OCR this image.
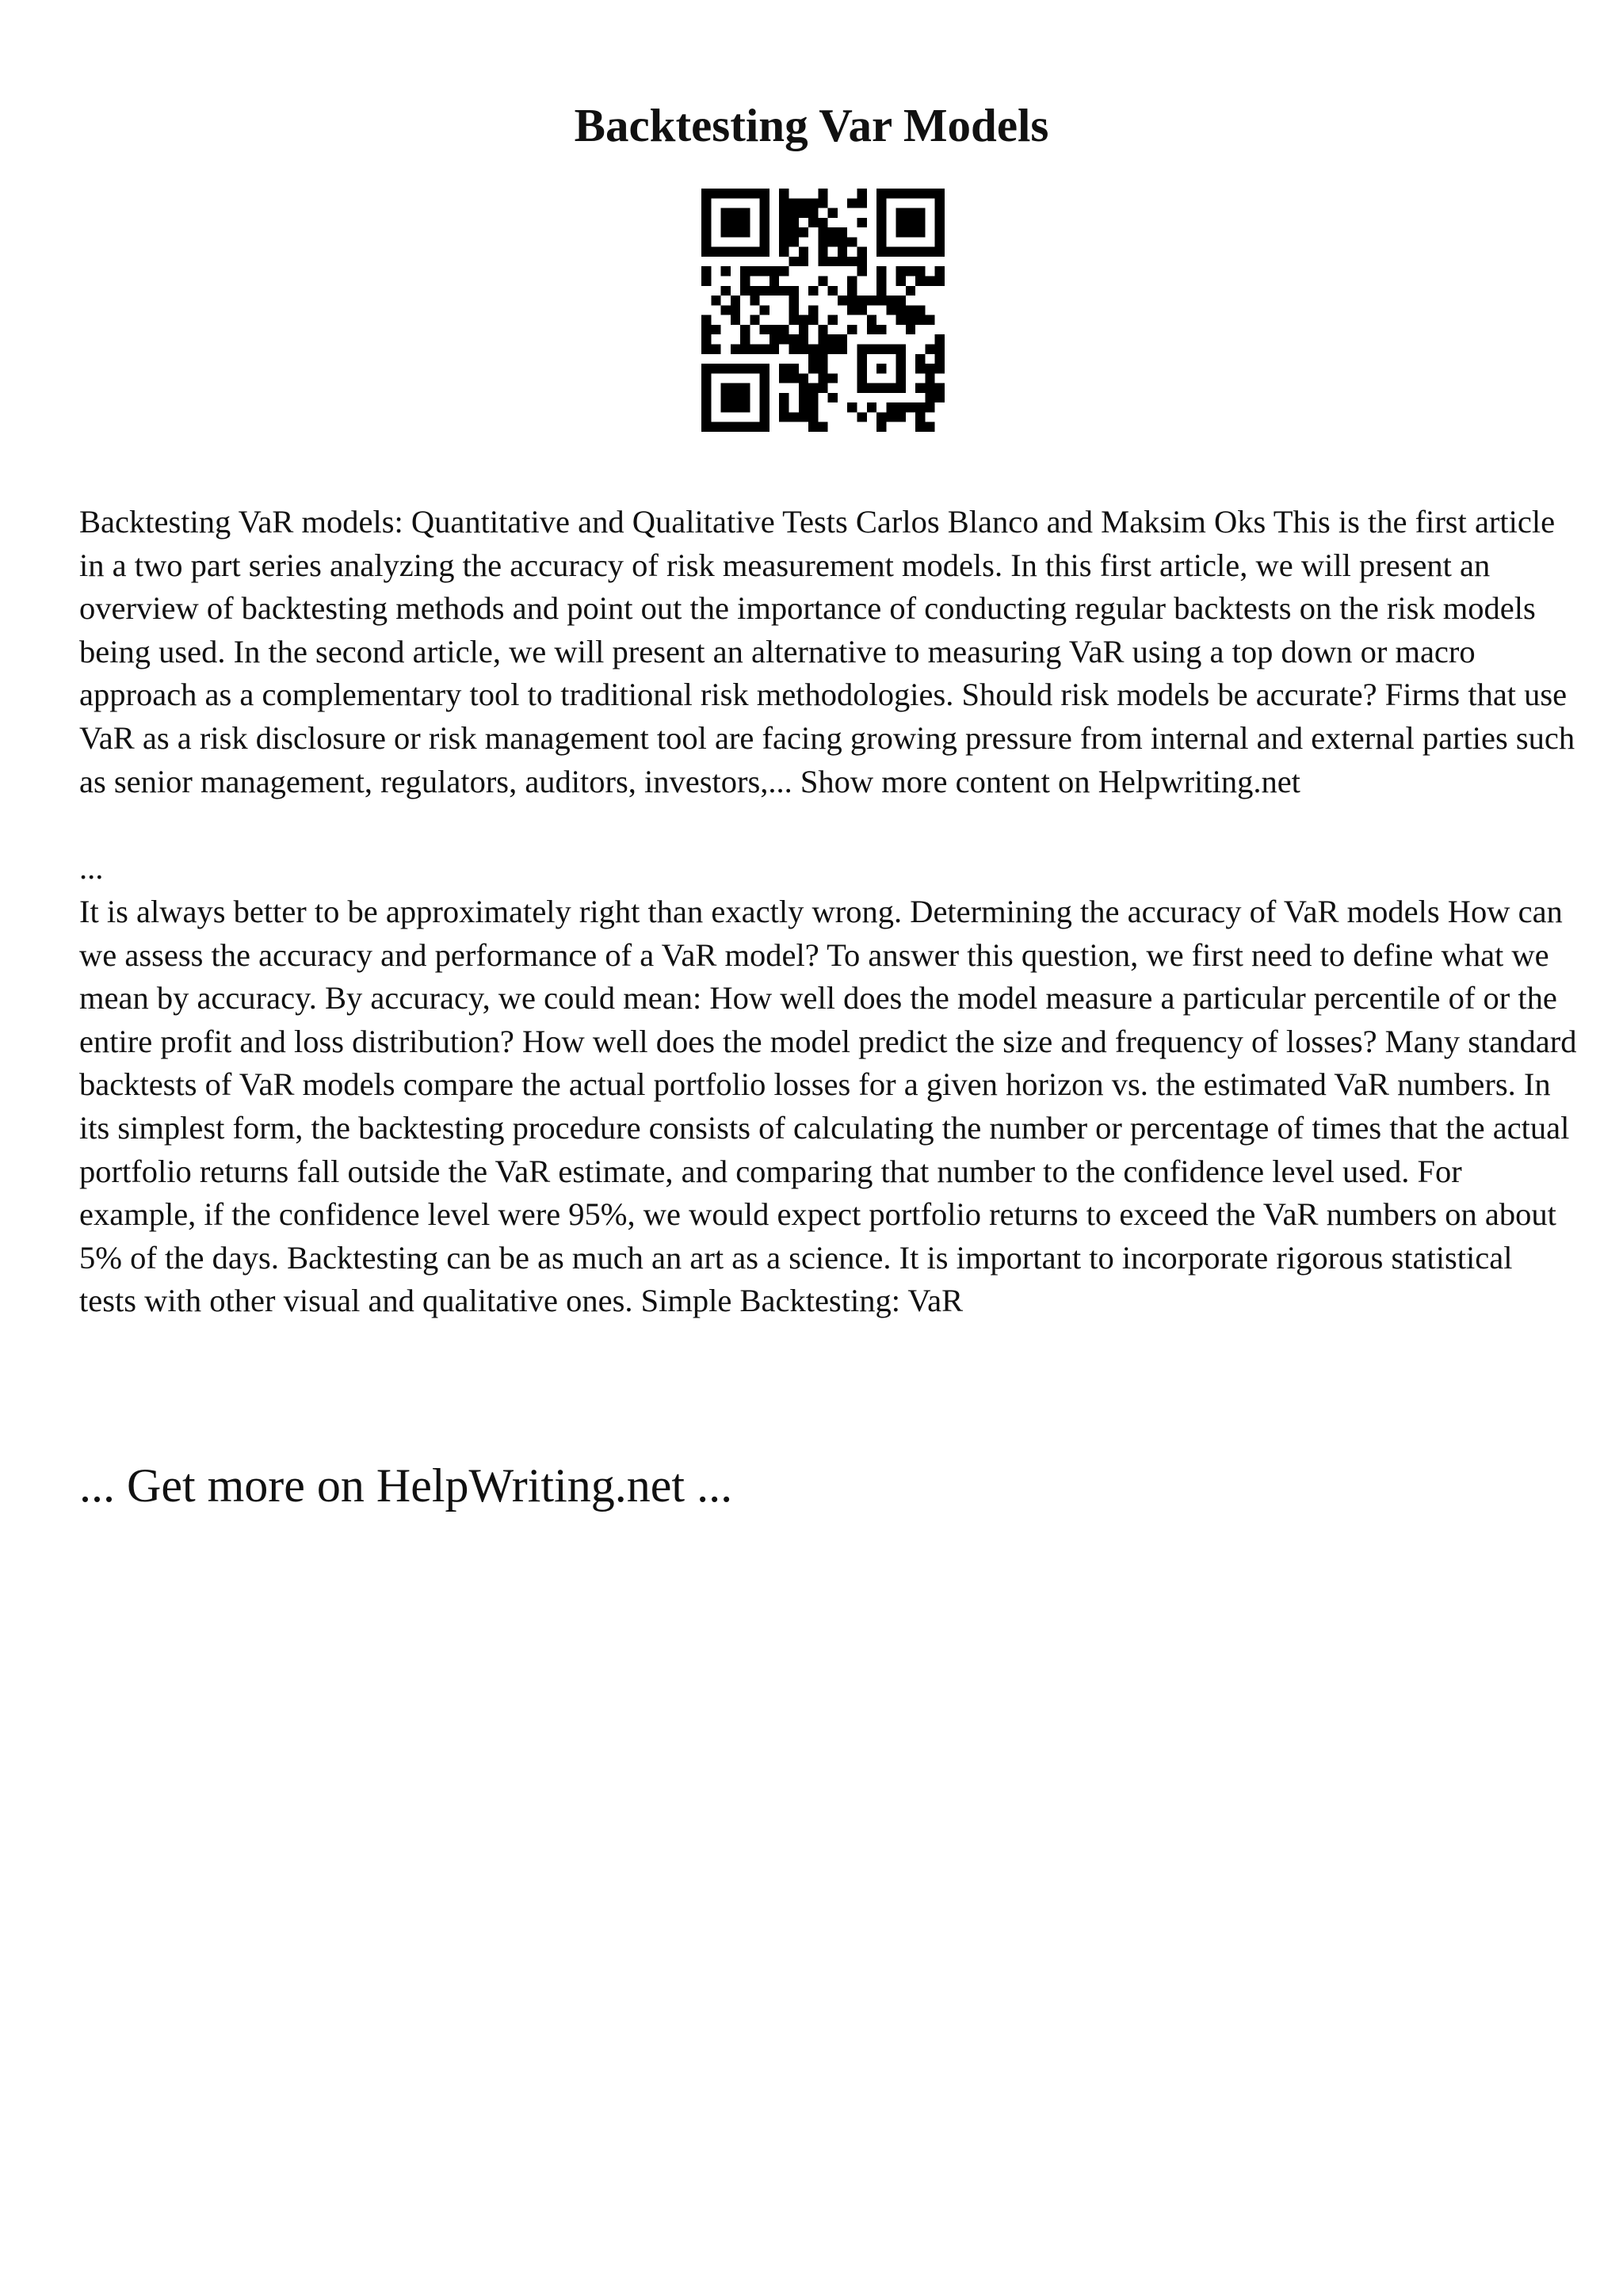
Backtesting Var Models

Backtesting VaR models: Quantitative and Qualitative Tests Carlos Blanco and Maksim Oks This is the first article in a two part series analyzing the accuracy of risk measurement models. In this first article, we will present an overview of backtesting methods and point out the importance of conducting regular backtests on the risk models being used. In the second article, we will present an alternative to measuring VaR using a top down or macro approach as a complementary tool to traditional risk methodologies. Should risk models be accurate? Firms that use VaR as a risk disclosure or risk management tool are facing growing pressure from internal and external parties such as senior management, regulators, auditors, investors,... Show more content on Helpwriting.net

...

It is always better to be approximately right than exactly wrong. Determining the accuracy of VaR models How can we assess the accuracy and performance of a VaR model? To answer this question, we first need to define what we mean by accuracy. By accuracy, we could mean: How well does the model measure a particular percentile of or the entire profit and loss distribution? How well does the model predict the size and frequency of losses? Many standard backtests of VaR models compare the actual portfolio losses for a given horizon vs. the estimated VaR numbers. In its simplest form, the backtesting procedure consists of calculating the number or percentage of times that the actual portfolio returns fall outside the VaR estimate, and comparing that number to the confidence level used. For example, if the confidence level were 95%, we would expect portfolio returns to exceed the VaR numbers on about 5% of the days. Backtesting can be as much an art as a science. It is important to incorporate rigorous statistical tests with other visual and qualitative ones. Simple Backtesting: VaR

... Get more on HelpWriting.net ...
